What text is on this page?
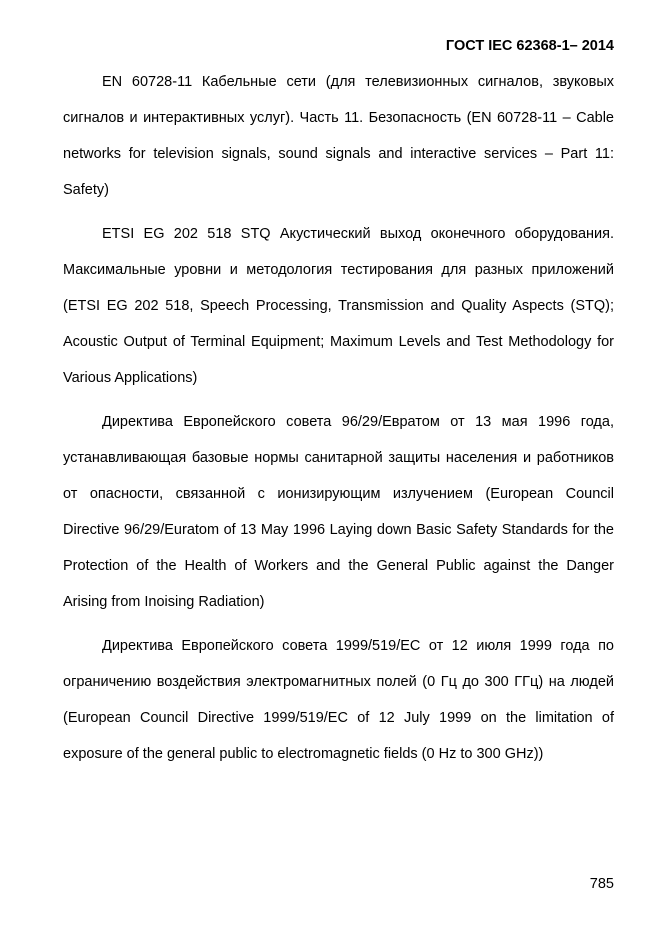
ГОСТ IEC 62368-1– 2014

EN 60728-11 Кабельные сети (для телевизионных сигналов, звуковых сигналов и интерактивных услуг). Часть 11. Безопасность (EN 60728-11 – Cable networks for television signals, sound signals and interactive services – Part 11: Safety)

ETSI EG 202 518 STQ Акустический выход оконечного оборудования. Максимальные уровни и методология тестирования для разных приложений (ETSI EG 202 518, Speech Processing, Transmission and Quality Aspects (STQ); Acoustic Output of Terminal Equipment; Maximum Levels and Test Methodology for Various Applications)

Директива Европейского совета 96/29/Евратом от 13 мая 1996 года, устанавливающая базовые нормы санитарной защиты населения и работников от опасности, связанной с ионизирующим излучением (European Council Directive 96/29/Euratom of 13 May 1996 Laying down Basic Safety Standards for the Protection of the Health of Workers and the General Public against the Danger Arising from Inoising Radiation)

Директива Европейского совета 1999/519/EC от 12 июля 1999 года по ограничению воздействия электромагнитных полей (0 Гц до 300 ГГц) на людей (European Council Directive 1999/519/EC of 12 July 1999 on the limitation of exposure of the general public to electromagnetic fields (0 Hz to 300 GHz))

785
